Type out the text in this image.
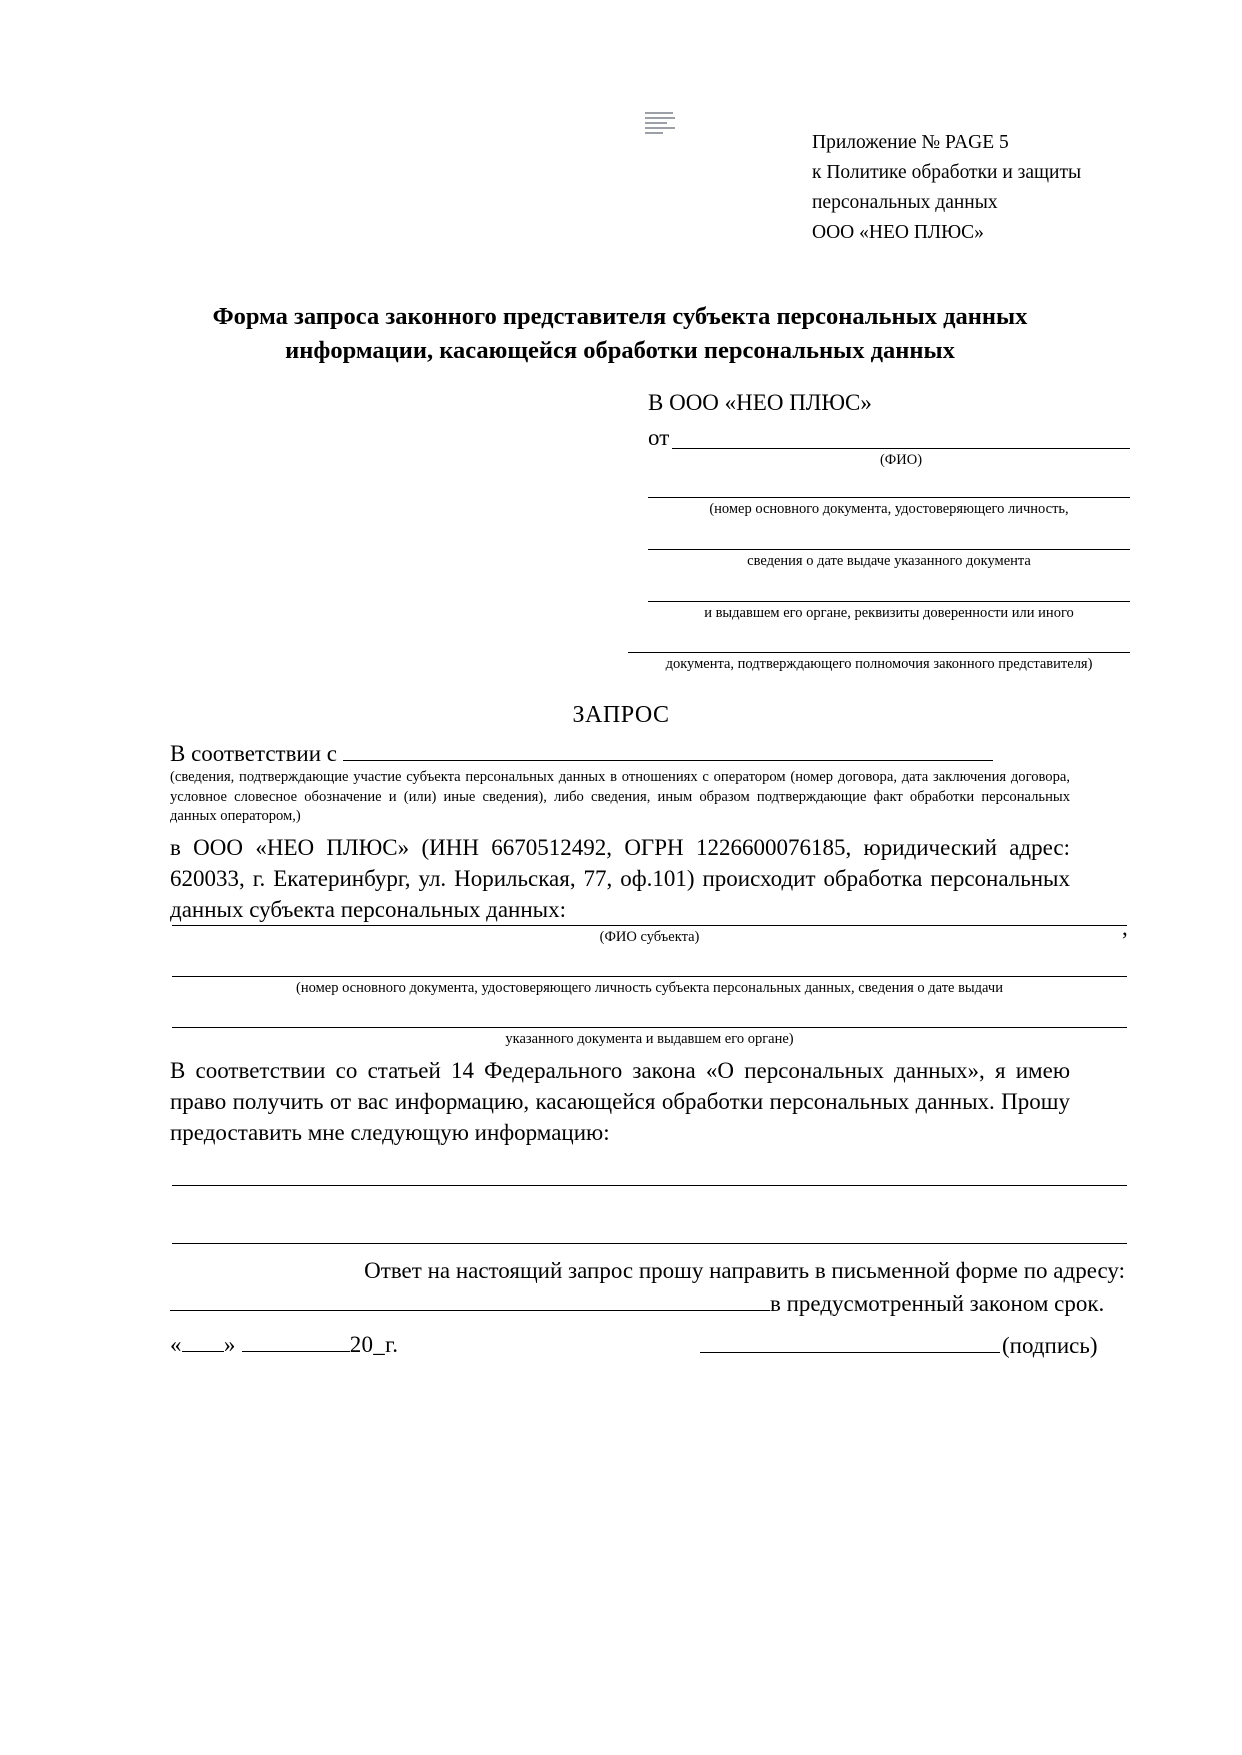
Приложение № PAGE 5
к Политике обработки и защиты
персональных данных
ООО «НЕО ПЛЮС»
Форма запроса законного представителя субъекта персональных данных
информации, касающейся обработки персональных данных
В ООО «НЕО ПЛЮС»
от
(ФИО)
(номер основного документа, удостоверяющего личность,
сведения о дате выдаче указанного документа
и выдавшем его органе, реквизиты доверенности или иного
документа, подтверждающего полномочия законного представителя)
ЗАПРОС
В соответствии с
(сведения, подтверждающие участие субъекта персональных данных в отношениях с оператором (номер договора, дата заключения договора, условное словесное обозначение и (или) иные сведения), либо сведения, иным образом подтверждающие факт обработки персональных данных оператором,)
в ООО «НЕО ПЛЮС» (ИНН 6670512492, ОГРН 1226600076185, юридический адрес: 620033, г. Екатеринбург, ул. Норильская, 77, оф.101) происходит обработка персональных данных субъекта персональных данных:
(ФИО субъекта)	,
(номер основного документа, удостоверяющего личность субъекта персональных данных, сведения о дате выдачи
указанного документа и выдавшем его органе)
В соответствии со статьей 14 Федерального закона «О персональных данных», я имею право получить от вас информацию, касающейся обработки персональных данных. Прошу предоставить мне следующую информацию:
Ответ на настоящий запрос прошу направить в письменной форме по адресу:
в предусмотренный законом срок.
« »	20_г.	(подпись)
